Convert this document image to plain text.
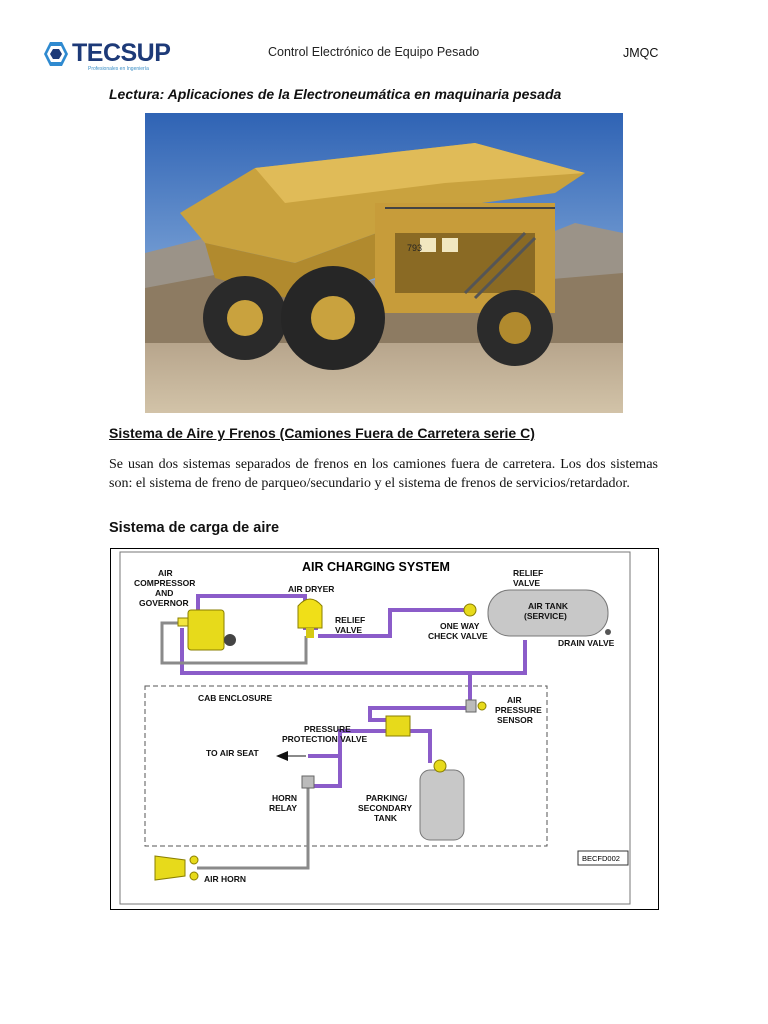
TECSUP
Profesionales en Ingeniería
Control Electrónico de Equipo Pesado	JMQC
Lectura: Aplicaciones de la Electroneumática en maquinaria pesada
793
Sistema de Aire y Frenos (Camiones Fuera de Carretera serie C)
Se usan dos sistemas separados de frenos en los camiones fuera de carretera. Los dos sistemas son: el sistema de freno de parqueo/secundario y el sistema de frenos de servicios/retardador.
Sistema de carga de aire
AIR CHARGING SYSTEM
AIR
COMPRESSOR
AND
GOVERNOR
AIR DRYER
RELIEF
VALVE
RELIEF
VALVE
AIR TANK
(SERVICE)
ONE WAY
CHECK VALVE
DRAIN VALVE
CAB ENCLOSURE	AIR
PRESSURE
SENSOR
PRESSURE
PROTECTION VALVE
TO AIR SEAT
HORN
RELAY
PARKING/
SECONDARY
TANK
AIR HORN
BECFD002
